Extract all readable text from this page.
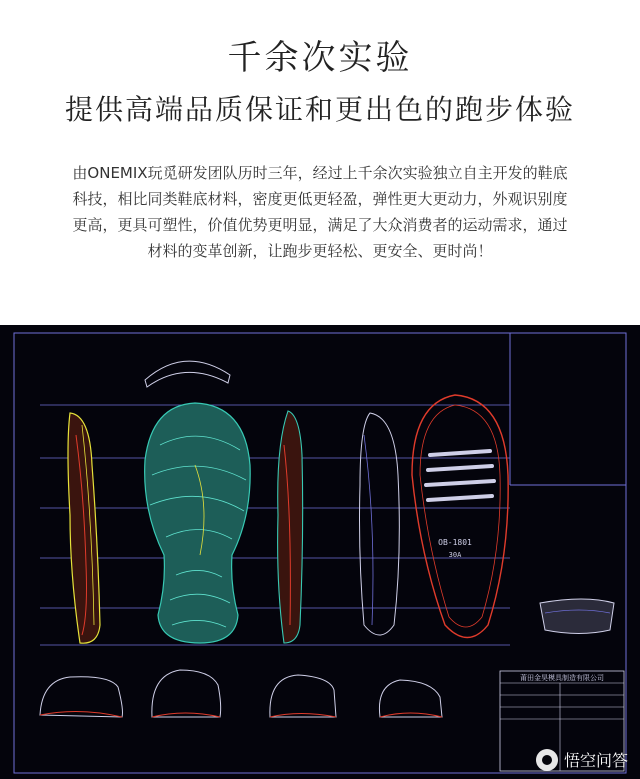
千余次实验
提供高端品质保证和更出色的跑步体验
由ONEMIX玩觅研发团队历时三年，经过上千余次实验独立自主开发的鞋底
科技，相比同类鞋底材料，密度更低更轻盈，弹性更大更动力，外观识别度
更高，更具可塑性，价值优势更明显，满足了大众消费者的运动需求，通过
材料的变革创新，让跑步更轻松、更安全、更时尚！
OB-1801
30A
莆田金昊模具制造有限公司
悟空问答
